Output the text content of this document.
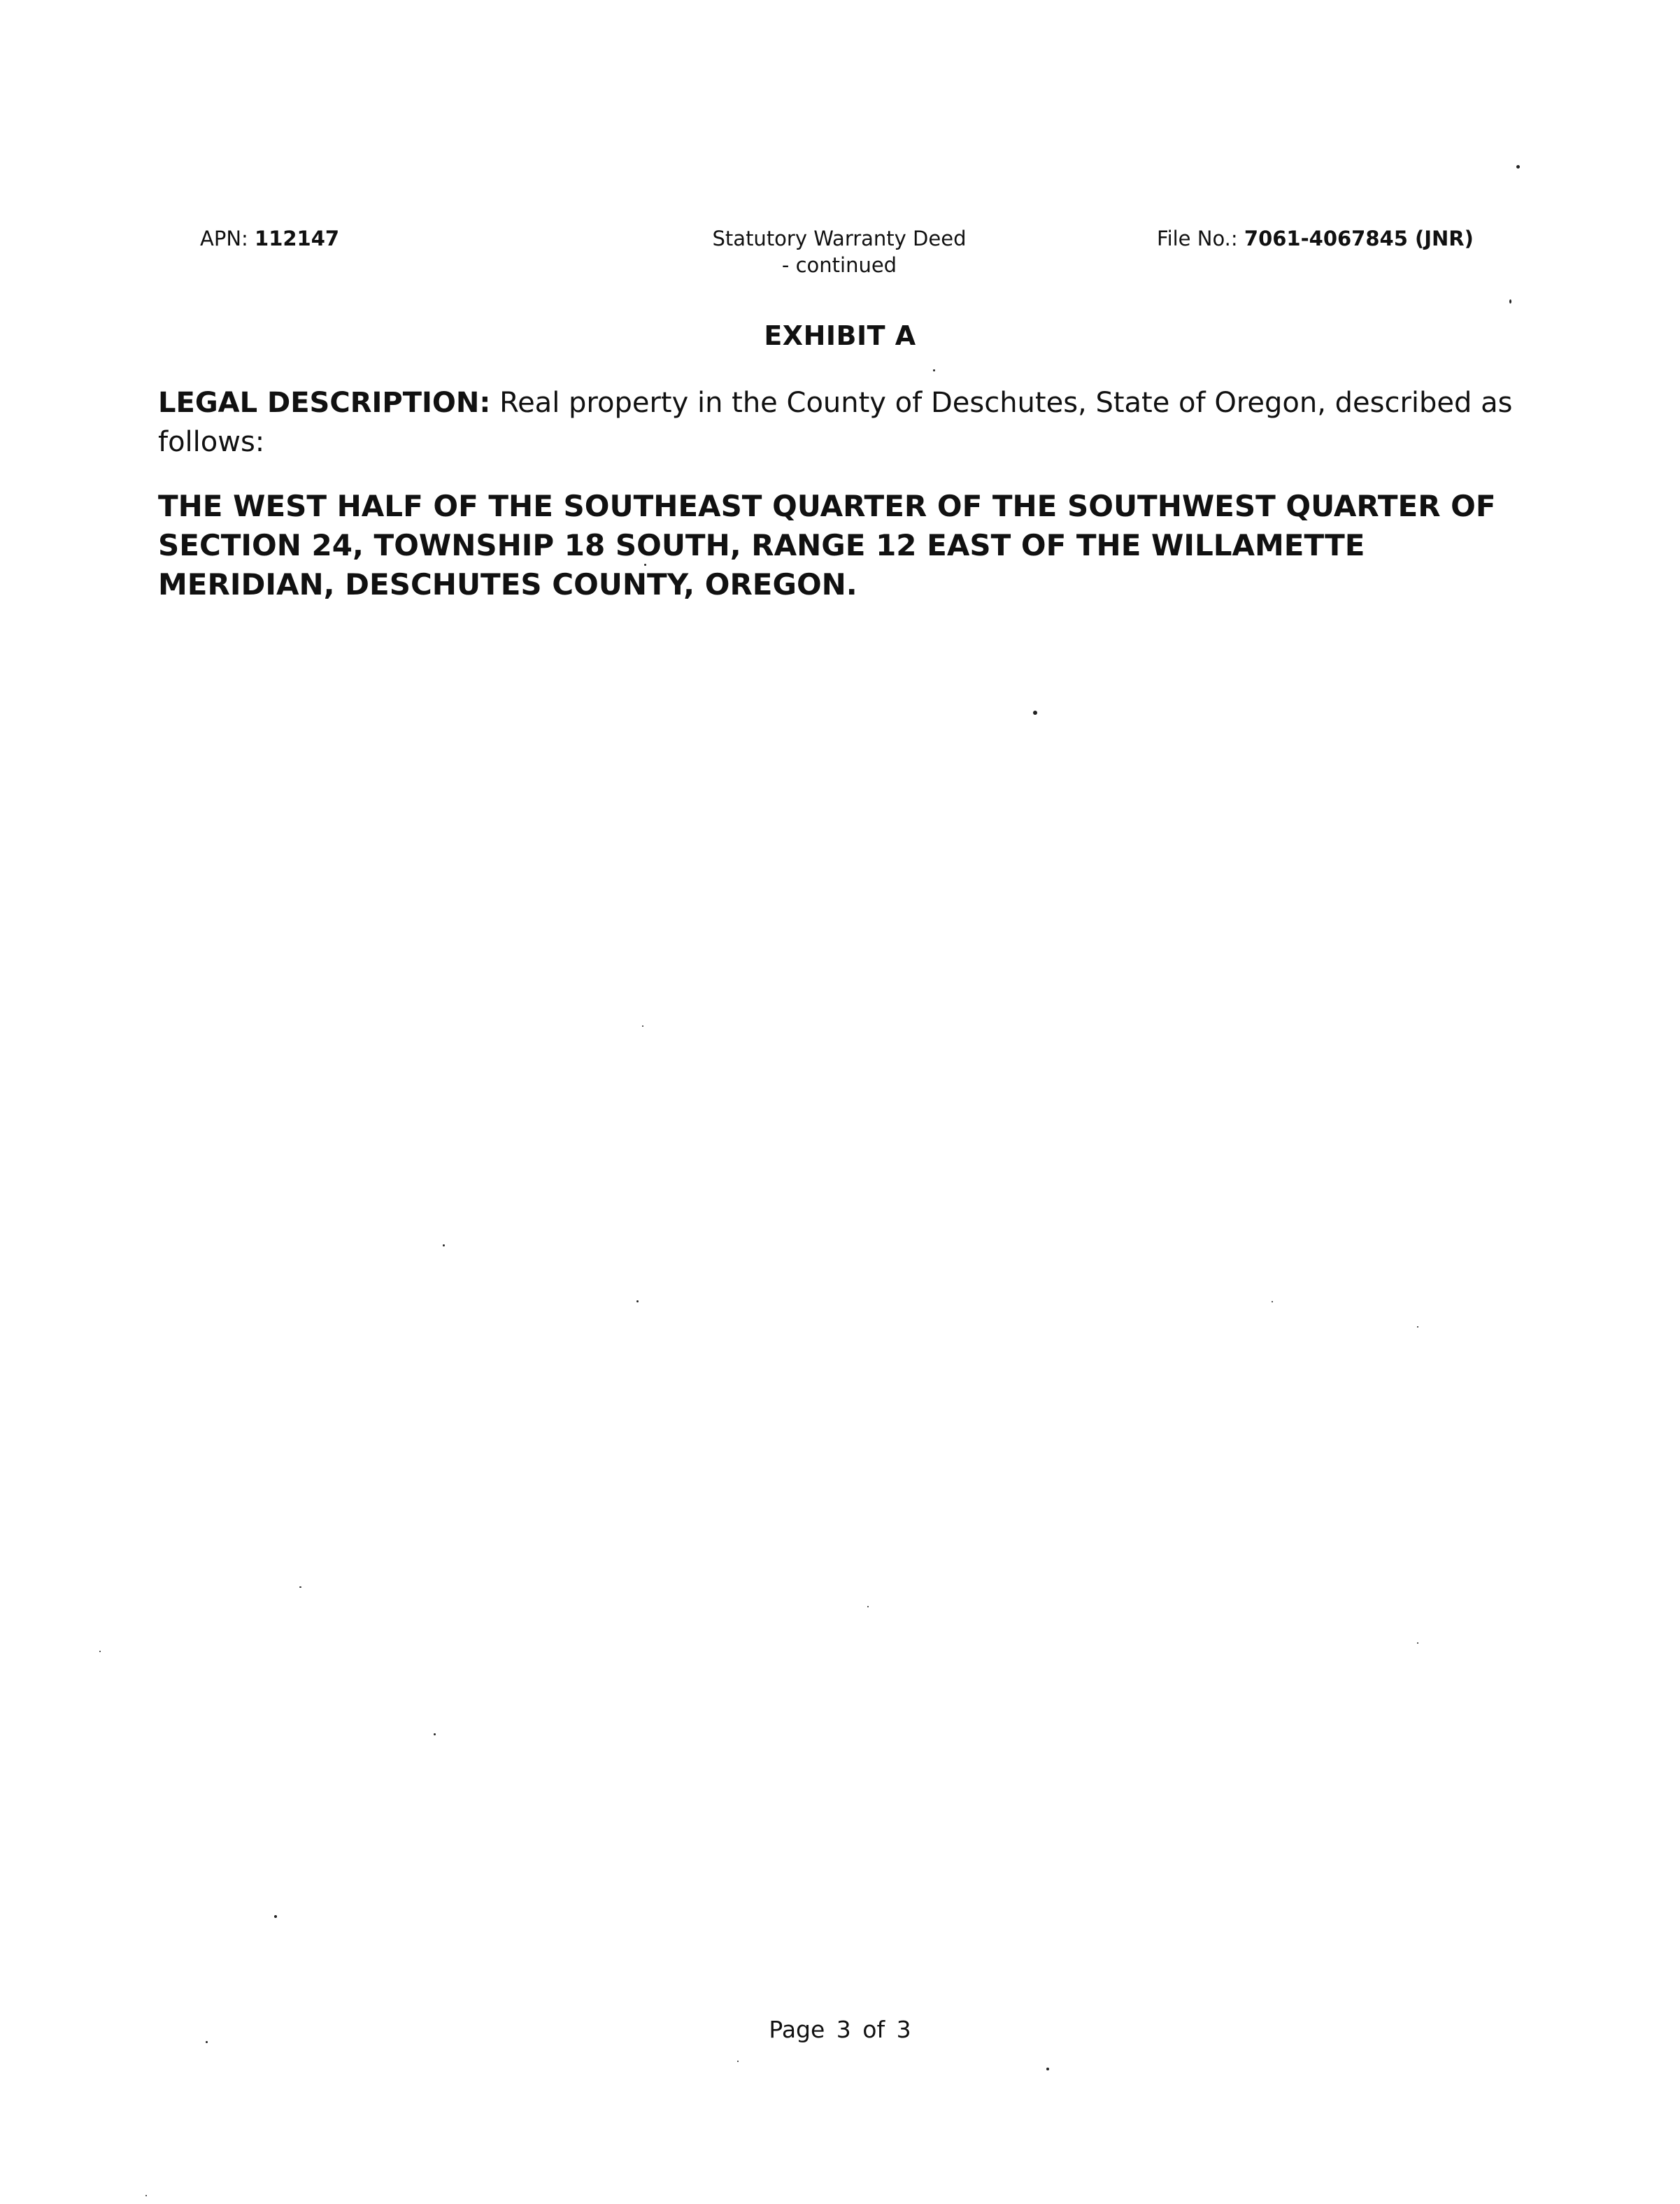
APN: 112147	Statutory Warranty Deed
- continued
File No.: 7061-4067845 (JNR)
EXHIBIT A
LEGAL DESCRIPTION: Real property in the County of Deschutes, State of Oregon, described as follows:
THE WEST HALF OF THE SOUTHEAST QUARTER OF THE SOUTHWEST QUARTER OF SECTION 24, TOWNSHIP 18 SOUTH, RANGE 12 EAST OF THE WILLAMETTE MERIDIAN, DESCHUTES COUNTY, OREGON.
Page 3 of 3
